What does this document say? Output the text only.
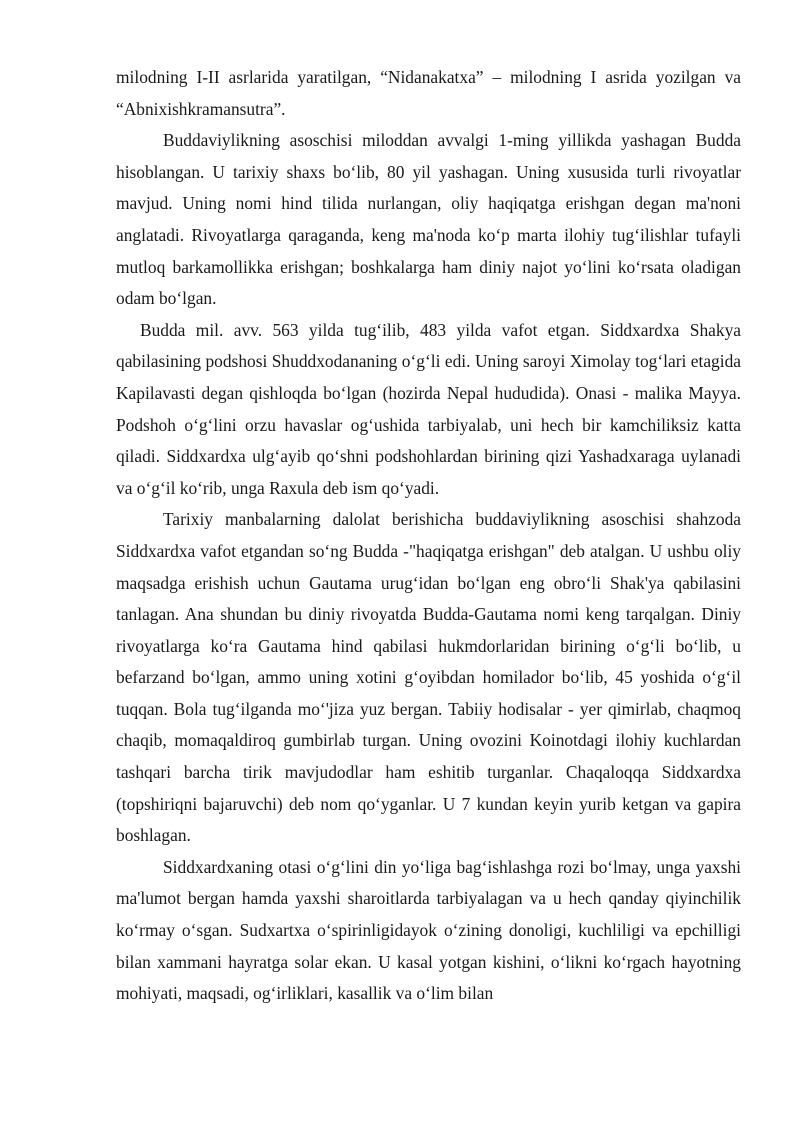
milodning I-II asrlarida yaratilgan, “Nidanakatxa” – milodning I asrida yozilgan va “Abnixishkramansutra”.

Buddaviylikning asoschisi miloddan avvalgi 1-ming yillikda yashagan Budda hisoblangan. U tarixiy shaxs bo‘lib, 80 yil yashagan. Uning xususida turli rivoyatlar mavjud. Uning nomi hind tilida nurlangan, oliy haqiqatga erishgan degan ma'noni anglatadi. Rivoyatlarga qaraganda, keng ma'noda ko‘p marta ilohiy tug‘ilishlar tufayli mutloq barkamollikka erishgan; boshkalarga ham diniy najot yo‘lini ko‘rsata oladigan odam bo‘lgan.

Budda mil. avv. 563 yilda tug‘ilib, 483 yilda vafot etgan. Siddxardxa Shakya qabilasining podshosi Shuddxodananing o‘g‘li edi. Uning saroyi Ximolay tog‘lari etagida Kapilavasti degan qishloqda bo‘lgan (hozirda Nepal hududida). Onasi - malika Mayya. Podshoh o‘g‘lini orzu havaslar og‘ushida tarbiyalab, uni hech bir kamchiliksiz katta qiladi. Siddxardxa ulg‘ayib qo‘shni podshohlardan birining qizi Yashadxaraga uylanadi va o‘g‘il ko‘rib, unga Raxula deb ism qo‘yadi.

Tarixiy manbalarning dalolat berishicha buddaviylikning asoschisi shahzoda Siddxardxa vafot etgandan so‘ng Budda -"haqiqatga erishgan" deb atalgan. U ushbu oliy maqsadga erishish uchun Gautama urug‘idan bo‘lgan eng obro‘li Shak'ya qabilasini tanlagan. Ana shundan bu diniy rivoyatda Budda-Gautama nomi keng tarqalgan. Diniy rivoyatlarga ko‘ra Gautama hind qabilasi hukmdorlaridan birining o‘g‘li bo‘lib, u befarzand bo‘lgan, ammo uning xotini g‘oyibdan homilador bo‘lib, 45 yoshida o‘g‘il tuqqan. Bola tug‘ilganda mo‘'jiza yuz bergan. Tabiiy hodisalar - yer qimirlab, chaqmoq chaqib, momaqaldiroq gumbirlab turgan. Uning ovozini Koinotdagi ilohiy kuchlardan tashqari barcha tirik mavjudodlar ham eshitib turganlar. Chaqaloqqa Siddxardxa (topshiriqni bajaruvchi) deb nom qo‘yganlar. U 7 kundan keyin yurib ketgan va gapira boshlagan.

Siddxardxaning otasi o‘g‘lini din yo‘liga bag‘ishlashga rozi bo‘lmay, unga yaxshi ma'lumot bergan hamda yaxshi sharoitlarda tarbiyalagan va u hech qanday qiyinchilik ko‘rmay o‘sgan. Sudxartxa o‘spirinligidayok o‘zining donoligi, kuchliligi va epchilligi bilan xammani hayratga solar ekan. U kasal yotgan kishini, o‘likni ko‘rgach hayotning mohiyati, maqsadi, og‘irliklari, kasallik va o‘lim bilan
